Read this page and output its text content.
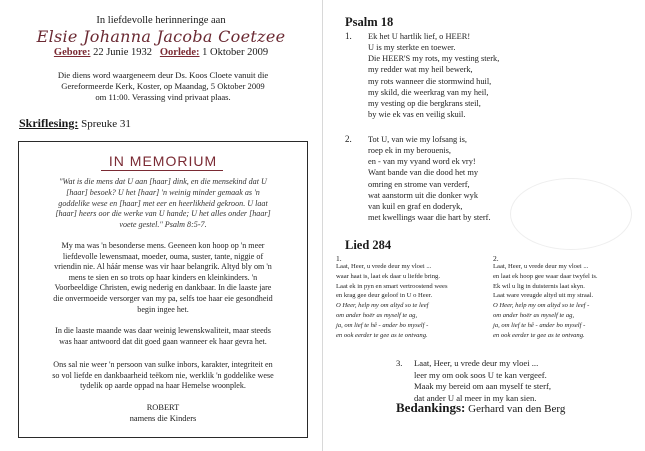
In liefdevolle herinneringe aan
Elsie Johanna Jacoba Coetzee
Gebore: 22 Junie 1932 Oorlede: 1 Oktober 2009
Die diens word waargeneem deur Ds. Koos Cloete vanuit die
Gereformeerde Kerk, Koster, op Maandag, 5 Oktober 2009
om 11:00. Verassing vind privaat plaas.
Skriflesing: Spreuke 31
IN MEMORIUM
"Wat is die mens dat U aan [haar] dink, en die mensekind dat U
[haar] besoek? U het [haar] 'n weinig minder gemaak as 'n
goddelike wese en [haar] met eer en heerlikheid gekroon. U laat
[haar] heers oor die werke van U hande; U het alles onder [haar]
voete gestel." Psalm 8:5-7.
My ma was 'n besonderse mens. Geeneen kon hoop op 'n meer
liefdevolle lewensmaat, moeder, ouma, suster, tante, niggie of
vriendin nie. Al háár mense was vir haar belangrik. Altyd bly om 'n
mens te sien en so trots op haar kinders en kleinkinders. 'n
Voorbeeldige Christen, ewig nederig en dankbaar. In die laaste jare
die onvermoeide versorger van my pa, selfs toe haar eie gesondheid
begin ingee het.
In die laaste maande was daar weinig lewenskwaliteit, maar steeds
was haar antwoord dat dit goed gaan wanneer ek haar gevra het.
Ons sal nie weer 'n persoon van sulke inbors, karakter, integriteit en
so vol liefde en dankbaarheid teëkom nie, werklik 'n goddelike wese
tydelik op aarde oppad na haar Hemelse woonplek.
ROBERT
namens die Kinders
Psalm 18
1. Ek het U hartlik lief, o HEER!
U is my sterkte en toewer.
Die HEER'S my rots, my vesting sterk,
my redder wat my heil bewerk,
my rots wanneer die stormwind huil,
my skild, die weerkrag van my heil,
my vesting op die bergkrans steil,
by wie ek vas en veilig skuil.
2. Tot U, van wie my lofsang is,
roep ek in my berouenis,
en - van my vyand word ek vry!
Want bande van die dood het my
omring en strome van verderf,
wat aanstorm uit die donker wyk
van kuil en graf en doderyk,
met kwellings waar die hart by sterf.
Lied 284
1.
Laat, Heer, u vrede deur my vloei ...
waar haat is, laat ek daar u liefde bring.
Laat ek in pyn en smart vertroostend wees
en krag gee deur geloof in U o Heer.
O Heer, help my om altyd so te leef
om ander hoër as myself te ag,
ja, om lief te hê - ander bo myself -
en ook eerder te gee as te ontvang.
2.
Laat, Heer, u vrede deur my vloei ...
en laat ek hoop gee waar daar twyfel is.
Ek wil u lig in duisternis laat skyn.
Laat ware vreugde altyd uit my straal.
O Heer, help my om altyd so te leef -
om ander hoër as myself te ag,
ja, om lief te hê - ander bo myself -
en ook eerder te gee as te ontvang.
3. Laat, Heer, u vrede deur my vloei ...
leer my om ook soos U te kan vergeef.
Maak my bereid om aan myself te sterf,
dat ander U al meer in my kan sien.
Bedankings: Gerhard van den Berg
